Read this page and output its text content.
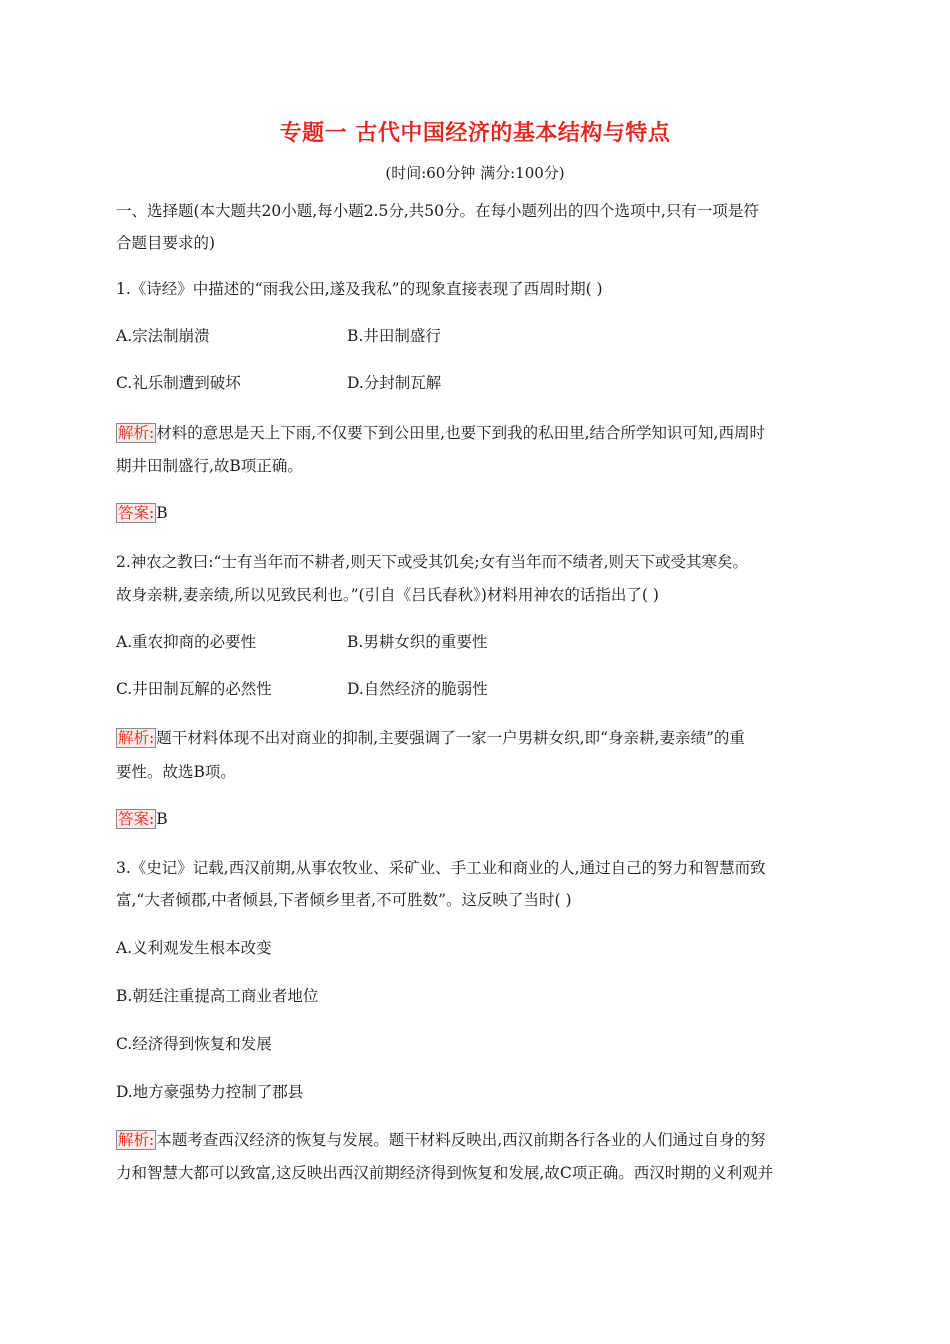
专题一 古代中国经济的基本结构与特点
(时间:60分钟 满分:100分)
一、选择题(本大题共20小题,每小题2.5分,共50分。在每小题列出的四个选项中,只有一项是符
合题目要求的)
1.《诗经》中描述的“雨我公田,遂及我私”的现象直接表现了西周时期( )
A.宗法制崩溃	B.井田制盛行
C.礼乐制遭到破坏	D.分封制瓦解
解析: 材料的意思是天上下雨,不仅要下到公田里,也要下到我的私田里,结合所学知识可知,西周时
期井田制盛行,故B项正确。
答案: B
2.神农之教曰:“士有当年而不耕者,则天下或受其饥矣;女有当年而不绩者,则天下或受其寒矣。
故身亲耕,妻亲绩,所以见致民利也。”(引自《吕氏春秋》)材料用神农的话指出了( )
A.重农抑商的必要性	B.男耕女织的重要性
C.井田制瓦解的必然性	D.自然经济的脆弱性
解析: 题干材料体现不出对商业的抑制,主要强调了一家一户男耕女织,即“身亲耕,妻亲绩”的重
要性。故选B项。
答案: B
3.《史记》记载,西汉前期,从事农牧业、采矿业、手工业和商业的人,通过自己的努力和智慧而致
富,“大者倾郡,中者倾县,下者倾乡里者,不可胜数”。这反映了当时( )
A.义利观发生根本改变
B.朝廷注重提高工商业者地位
C.经济得到恢复和发展
D.地方豪强势力控制了郡县
解析: 本题考查西汉经济的恢复与发展。题干材料反映出,西汉前期各行各业的人们通过自身的努
力和智慧大都可以致富,这反映出西汉前期经济得到恢复和发展,故C项正确。西汉时期的义利观并
